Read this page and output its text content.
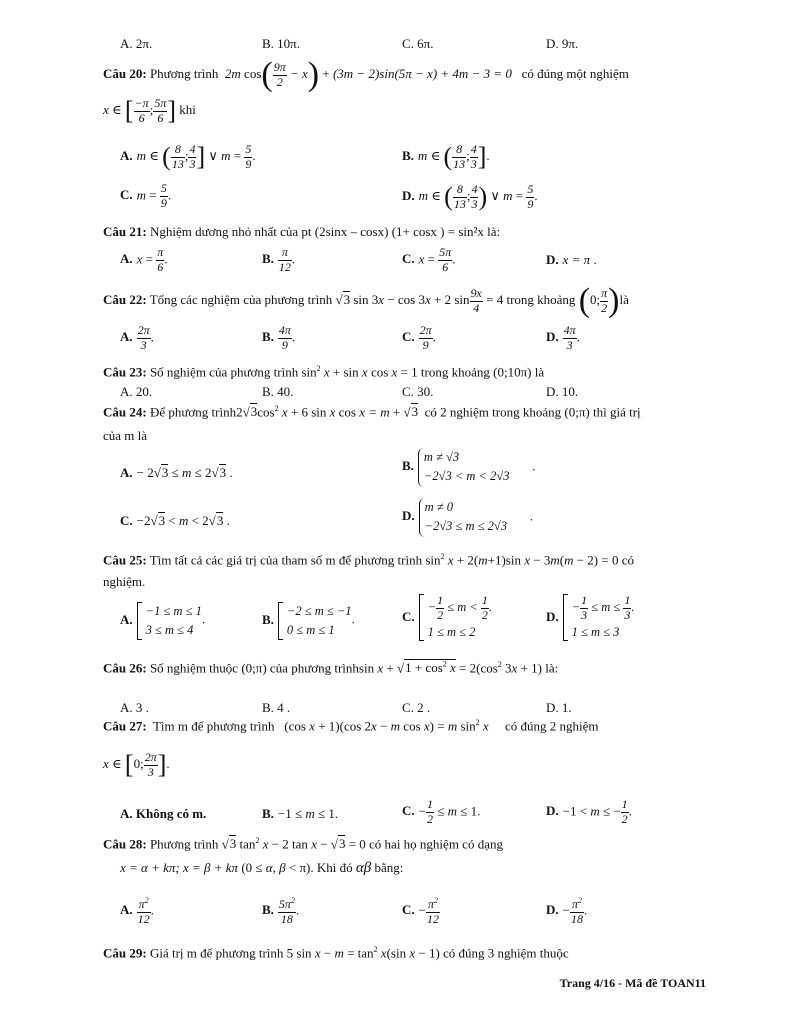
A. 2π.	B. 10π.	C. 6π.	D. 9π.
Câu 20: Phương trình 2m $\cos( \frac{9\pi}{2} - x) + (3m - 2)\sin(5\pi - x) + 4m - 3 = 0$ có đúng một nghiệm
x ∈ [ $\frac{-\pi}{6}$ ; $\frac{5\pi}{6}$ ] khi
A. m ∈ ( $\frac{8}{13}$ ; $\frac{4}{3}$ ] ∨ $m = \frac{5}{9}$ .	B. m ∈ ( $\frac{8}{13}$ ; $\frac{4}{3}$ ].
C. $m = \frac{5}{9}$ .	D. m ∈ ( $\frac{8}{13}$ ; $\frac{4}{3}$ ) ∨ $m = \frac{5}{9}$ .
Câu 21: Nghiệm dương nhỏ nhất của pt (2sinx – cosx) (1+ cosx ) = sin²x là:
A. $x = \frac{\pi}{6}$ .	B. $\frac{\pi}{12}$ .	C. $x = \frac{5\pi}{6}$ .	D. x = π .
Câu 22: Tổng các nghiệm của phương trình √3 sin 3x − cos 3x + 2 $\sin \frac{9x}{4} = 4$ trong khoảng (0; $\frac{\pi}{2}$ )là
A. $\frac{2\pi}{3}$ .	B. $\frac{4\pi}{9}$ .	C. $\frac{2\pi}{9}$ .	D. $\frac{4\pi}{3}$ .
Câu 23: Số nghiệm của phương trình $\sin^2 x + \sin x$ cos x = 1 trong khoảng (0;10π) là
A. 20.	B. 40.	C. 30.	D. 10.
Câu 24: Để phương $trình2√3\cos^2$ x + 6 sin x cos x = m + √3 có 2 nghiệm trong khoảng (0;π) thì giá trị
của m là
A. − 2√3 ≤ m ≤ 2√3 .	B.
m ≠ √3
−2√3 < m < 2√3
.
C. −2√3 < m < 2√3 .	D.
m ≠ 0
−2√3 ≤ m ≤ 2√3
.
Câu 25: Tìm tất cả các giá trị của tham số m để phương trình $\sin^2 x + 2(m+1)\sin$ x − 3m(m − 2) = 0 có
nghiệm.
A.
−1 ≤ m ≤ 1
3 ≤ m ≤ 4
.	B.
−2 ≤ m ≤ −1
0 ≤ m ≤ 1
.	C.
− $\frac{1}{2} \le m < \frac{1}{2}$ .
1 ≤ m ≤ 2
D.
− $\frac{1}{3} \le m \le \frac{1}{3}$ .
1 ≤ m ≤ 3
Câu 26: Số nghiệm thuộc (0;π) của phương trìnhsin $x + √1 + \cos^2 x = 2(\cos^2$ 3x + 1) là:
A. 3 .	B. 4 .	C. 2 .	D. 1.
Câu 27: Tìm m để phương trình   (cos x + 1)(cos 2x − m cos x) = m $\sin^2 x$ có đúng 2 nghiệm
x ∈ [0; $\frac{2\pi}{3}$ ].
A. Không có m.	B. −1 ≤ m ≤ 1.	C. − $\frac{1}{2} \le m \le 1$.	D. −1 < m ≤ − $\frac{1}{2}$ .
Câu 28: Phương trình √3 $\tan^2 x - 2$ tan x − √3 = 0 có hai họ nghiệm có dạng
x = α + kπ; x = β + kπ (0 ≤ α, β < π). Khi đó αβ bằng:
A. $\frac{\pi^2}{12}$ .	B. $\frac{5\pi^2}{18}$ .	C. − $\frac{\pi^2}{12}$	D. − $\frac{\pi^2}{18}$ .
Câu 29: Giá trị m để phương trình 5 $\sin x - m = \tan^2 x(\sin$ x − 1) có đúng 3 nghiệm thuộc
Trang 4/16 - Mã đề TOAN11
